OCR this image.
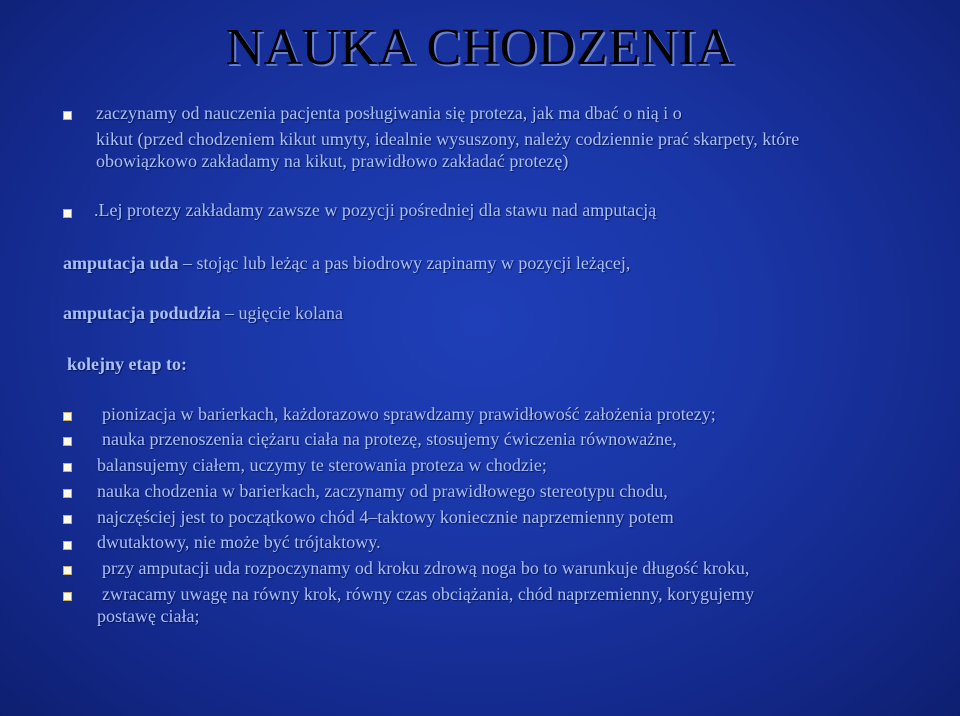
NAUKA CHODZENIA
zaczynamy od nauczenia pacjenta posługiwania się proteza, jak ma dbać o nią i o
kikut (przed chodzeniem kikut umyty, idealnie wysuszony, należy codziennie prać skarpety, które
obowiązkowo zakładamy na kikut, prawidłowo zakładać protezę)
.Lej protezy zakładamy zawsze w pozycji pośredniej dla stawu nad amputacją
amputacja uda – stojąc lub leżąc a pas biodrowy zapinamy w pozycji leżącej,
amputacja podudzia – ugięcie kolana
kolejny etap to:
pionizacja w barierkach, każdorazowo sprawdzamy prawidłowość założenia protezy;
nauka przenoszenia ciężaru ciała na protezę, stosujemy ćwiczenia równoważne,
balansujemy ciałem, uczymy te sterowania proteza w chodzie;
nauka chodzenia w barierkach, zaczynamy od prawidłowego stereotypu chodu,
najczęściej jest to początkowo chód 4–taktowy koniecznie naprzemienny potem
dwutaktowy, nie może być trójtaktowy.
przy amputacji uda rozpoczynamy od kroku zdrową noga bo to warunkuje długość kroku,
zwracamy uwagę na równy krok, równy czas obciążania, chód naprzemienny, korygujemy
postawę ciała;
